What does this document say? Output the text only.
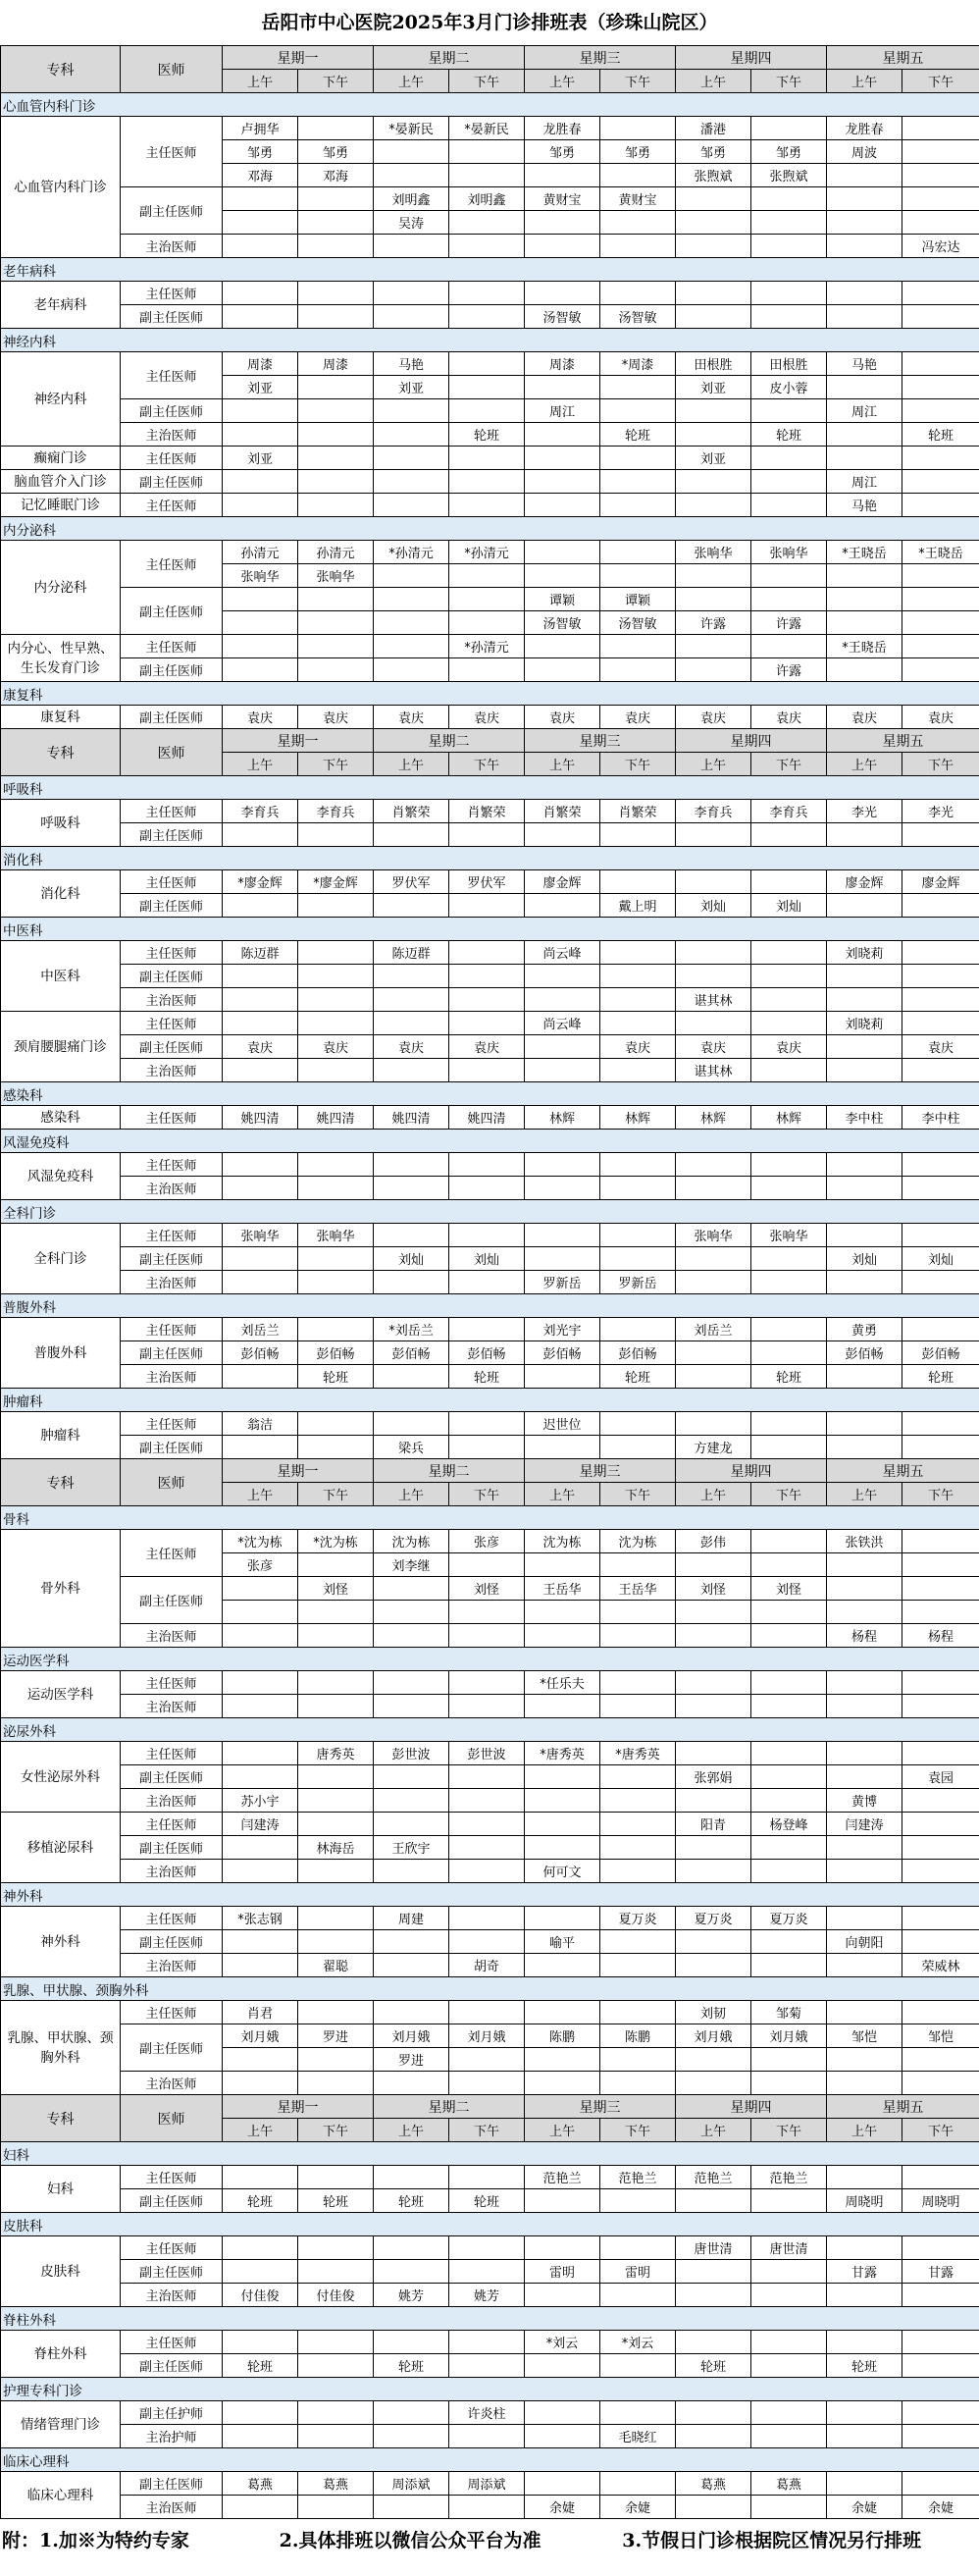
岳阳市中心医院2025年3月门诊排班表（珍珠山院区）
专科	医师	星期一		星期二		星期三		星期四		星期五	
		上午	下午	上午	下午	上午	下午	上午	下午	上午	下午
心血管内科门诊											
心血管内科门诊	主任医师	卢拥华		*晏新民	*晏新民	龙胜春		潘港		龙胜春	
		邹勇	邹勇			邹勇	邹勇	邹勇	邹勇	周波	
		邓海	邓海					张煦斌	张煦斌		
	副主任医师			刘明鑫	刘明鑫	黄财宝	黄财宝				
				吴涛							
	主治医师										冯宏达
老年病科											
老年病科	主任医师										
	副主任医师					汤智敏	汤智敏				
神经内科											
神经内科	主任医师	周漆	周漆	马艳		周漆	*周漆	田根胜	田根胜	马艳	
		刘亚		刘亚				刘亚	皮小蓉		
	副主任医师					周江				周江	
	主治医师				轮班		轮班		轮班		轮班
癫痫门诊	主任医师	刘亚						刘亚			
脑血管介入门诊	副主任医师									周江	
记忆睡眠门诊	主任医师									马艳	
内分泌科											
内分泌科	主任医师	孙清元	孙清元	*孙清元	*孙清元			张响华	张响华	*王晓岳	*王晓岳
		张响华	张响华								
	副主任医师					谭颖	谭颖				
						汤智敏	汤智敏	许露	许露		
内分心、性早熟、生长发育门诊	主任医师				*孙清元					*王晓岳	
	副主任医师								许露		
康复科											
康复科	副主任医师	袁庆	袁庆	袁庆	袁庆	袁庆	袁庆	袁庆	袁庆	袁庆	袁庆
专科	医师	星期一		星期二		星期三		星期四		星期五	
		上午	下午	上午	下午	上午	下午	上午	下午	上午	下午
呼吸科											
呼吸科	主任医师	李育兵	李育兵	肖繁荣	肖繁荣	肖繁荣	肖繁荣	李育兵	李育兵	李光	李光
	副主任医师										
消化科											
消化科	主任医师	*廖金辉	*廖金辉	罗伏军	罗伏军	廖金辉				廖金辉	廖金辉
	副主任医师						戴上明	刘灿	刘灿		
中医科											
中医科	主任医师	陈迈群		陈迈群		尚云峰				刘晓莉	
	副主任医师										
	主治医师							谌其林			
颈肩腰腿痛门诊	主任医师					尚云峰				刘晓莉	
	副主任医师	袁庆	袁庆	袁庆	袁庆		袁庆	袁庆	袁庆		袁庆
	主治医师							谌其林			
感染科											
感染科	主任医师	姚四清	姚四清	姚四清	姚四清	林辉	林辉	林辉	林辉	李中柱	李中柱
风湿免疫科											
风湿免疫科	主任医师										
	主治医师										
全科门诊											
全科门诊	主任医师	张响华	张响华					张响华	张响华		
	副主任医师			刘灿	刘灿					刘灿	刘灿
	主治医师					罗新岳	罗新岳				
普腹外科											
普腹外科	主任医师	刘岳兰		*刘岳兰		刘光宇		刘岳兰		黄勇	
	副主任医师	彭佰畅	彭佰畅	彭佰畅	彭佰畅	彭佰畅	彭佰畅			彭佰畅	彭佰畅
	主治医师		轮班		轮班		轮班		轮班		轮班
肿瘤科											
肿瘤科	主任医师	翁洁				迟世位					
	副主任医师			梁兵				方建龙			
专科	医师	星期一		星期二		星期三		星期四		星期五	
		上午	下午	上午	下午	上午	下午	上午	下午	上午	下午
骨科											
骨外科	主任医师	*沈为栋	*沈为栋	沈为栋	张彦	沈为栋	沈为栋	彭伟		张铁洪	
		张彦		刘李继							
	副主任医师		刘怪		刘怪	王岳华	王岳华	刘怪	刘怪		

	主治医师									杨程	杨程
运动医学科											
运动医学科	主任医师					*任乐夫					
	主治医师										
泌尿外科											
女性泌尿外科	主任医师		唐秀英	彭世波	彭世波	*唐秀英	*唐秀英				
	副主任医师							张郭娟			袁园
	主治医师	苏小宇								黄博	
移植泌尿科	主任医师	闫建涛						阳青	杨登峰	闫建涛	
	副主任医师		林海岳	王欣宇							
	主治医师					何可文					
神外科											
神外科	主任医师	*张志钢		周建			夏万炎	夏万炎	夏万炎		
	副主任医师					喻平				向朝阳	
	主治医师		翟聪		胡奇						荣威林
乳腺、甲状腺、颈胸外科											
乳腺、甲状腺、颈胸外科	主任医师	肖君						刘韧	邹菊		
	副主任医师	刘月娥	罗进	刘月娥	刘月娥	陈鹏	陈鹏	刘月娥	刘月娥	邹恺	邹恺
				罗进							
	主治医师										
专科	医师	星期一		星期二		星期三		星期四		星期五	
		上午	下午	上午	下午	上午	下午	上午	下午	上午	下午
妇科											
妇科	主任医师					范艳兰	范艳兰	范艳兰	范艳兰		
	副主任医师	轮班	轮班	轮班	轮班					周晓明	周晓明
皮肤科											
皮肤科	主任医师							唐世清	唐世清		
	副主任医师					雷明	雷明			甘露	甘露
	主治医师	付佳俊	付佳俊	姚芳	姚芳						
脊柱外科											
脊柱外科	主任医师					*刘云	*刘云				
	副主任医师	轮班		轮班				轮班		轮班	
护理专科门诊											
情绪管理门诊	副主任护师				许炎柱						
	主治护师						毛晓红				
临床心理科											
临床心理科	副主任医师	葛燕	葛燕	周添斌	周添斌			葛燕	葛燕		
	主治医师					余婕	余婕			余婕	余婕
附：1.加※为特约专家	2.具体排班以微信公众平台为准	3.节假日门诊根据院区情况另行排班
